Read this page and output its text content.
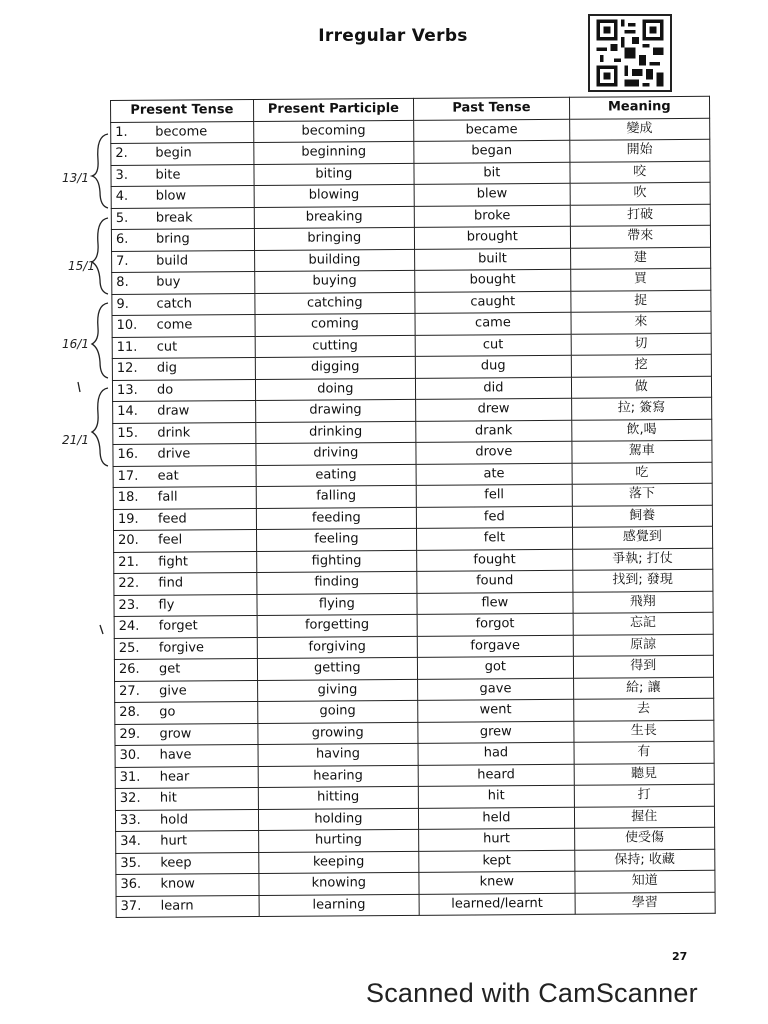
Irregular Verbs
Present Tense	Present Participle	Past Tense	Meaning
1. become	becoming	became	變成
2. begin	beginning	began	開始
3. bite	biting	bit	咬
4. blow	blowing	blew	吹
5. break	breaking	broke	打破
6. bring	bringing	brought	帶來
7. build	building	built	建
8. buy	buying	bought	買
9. catch	catching	caught	捉
10. come	coming	came	來
11. cut	cutting	cut	切
12. dig	digging	dug	挖
13. do	doing	did	做
14. draw	drawing	drew	拉; 簽寫
15. drink	drinking	drank	飲,喝
16. drive	driving	drove	駕車
17. eat	eating	ate	吃
18. fall	falling	fell	落下
19. feed	feeding	fed	飼養
20. feel	feeling	felt	感覺到
21. fight	fighting	fought	爭執; 打仗
22. find	finding	found	找到; 發現
23. fly	flying	flew	飛翔
24. forget	forgetting	forgot	忘記
25. forgive	forgiving	forgave	原諒
26. get	getting	got	得到
27. give	giving	gave	給; 讓
28. go	going	went	去
29. grow	growing	grew	生長
30. have	having	had	有
31. hear	hearing	heard	聽見
32. hit	hitting	hit	打
33. hold	holding	held	握住
34. hurt	hurting	hurt	使受傷
35. keep	keeping	kept	保持; 收藏
36. know	knowing	knew	知道
37. learn	learning	learned/learnt	學習
13/1
15/1
16/1
21/1
27
Scanned with CamScanner
